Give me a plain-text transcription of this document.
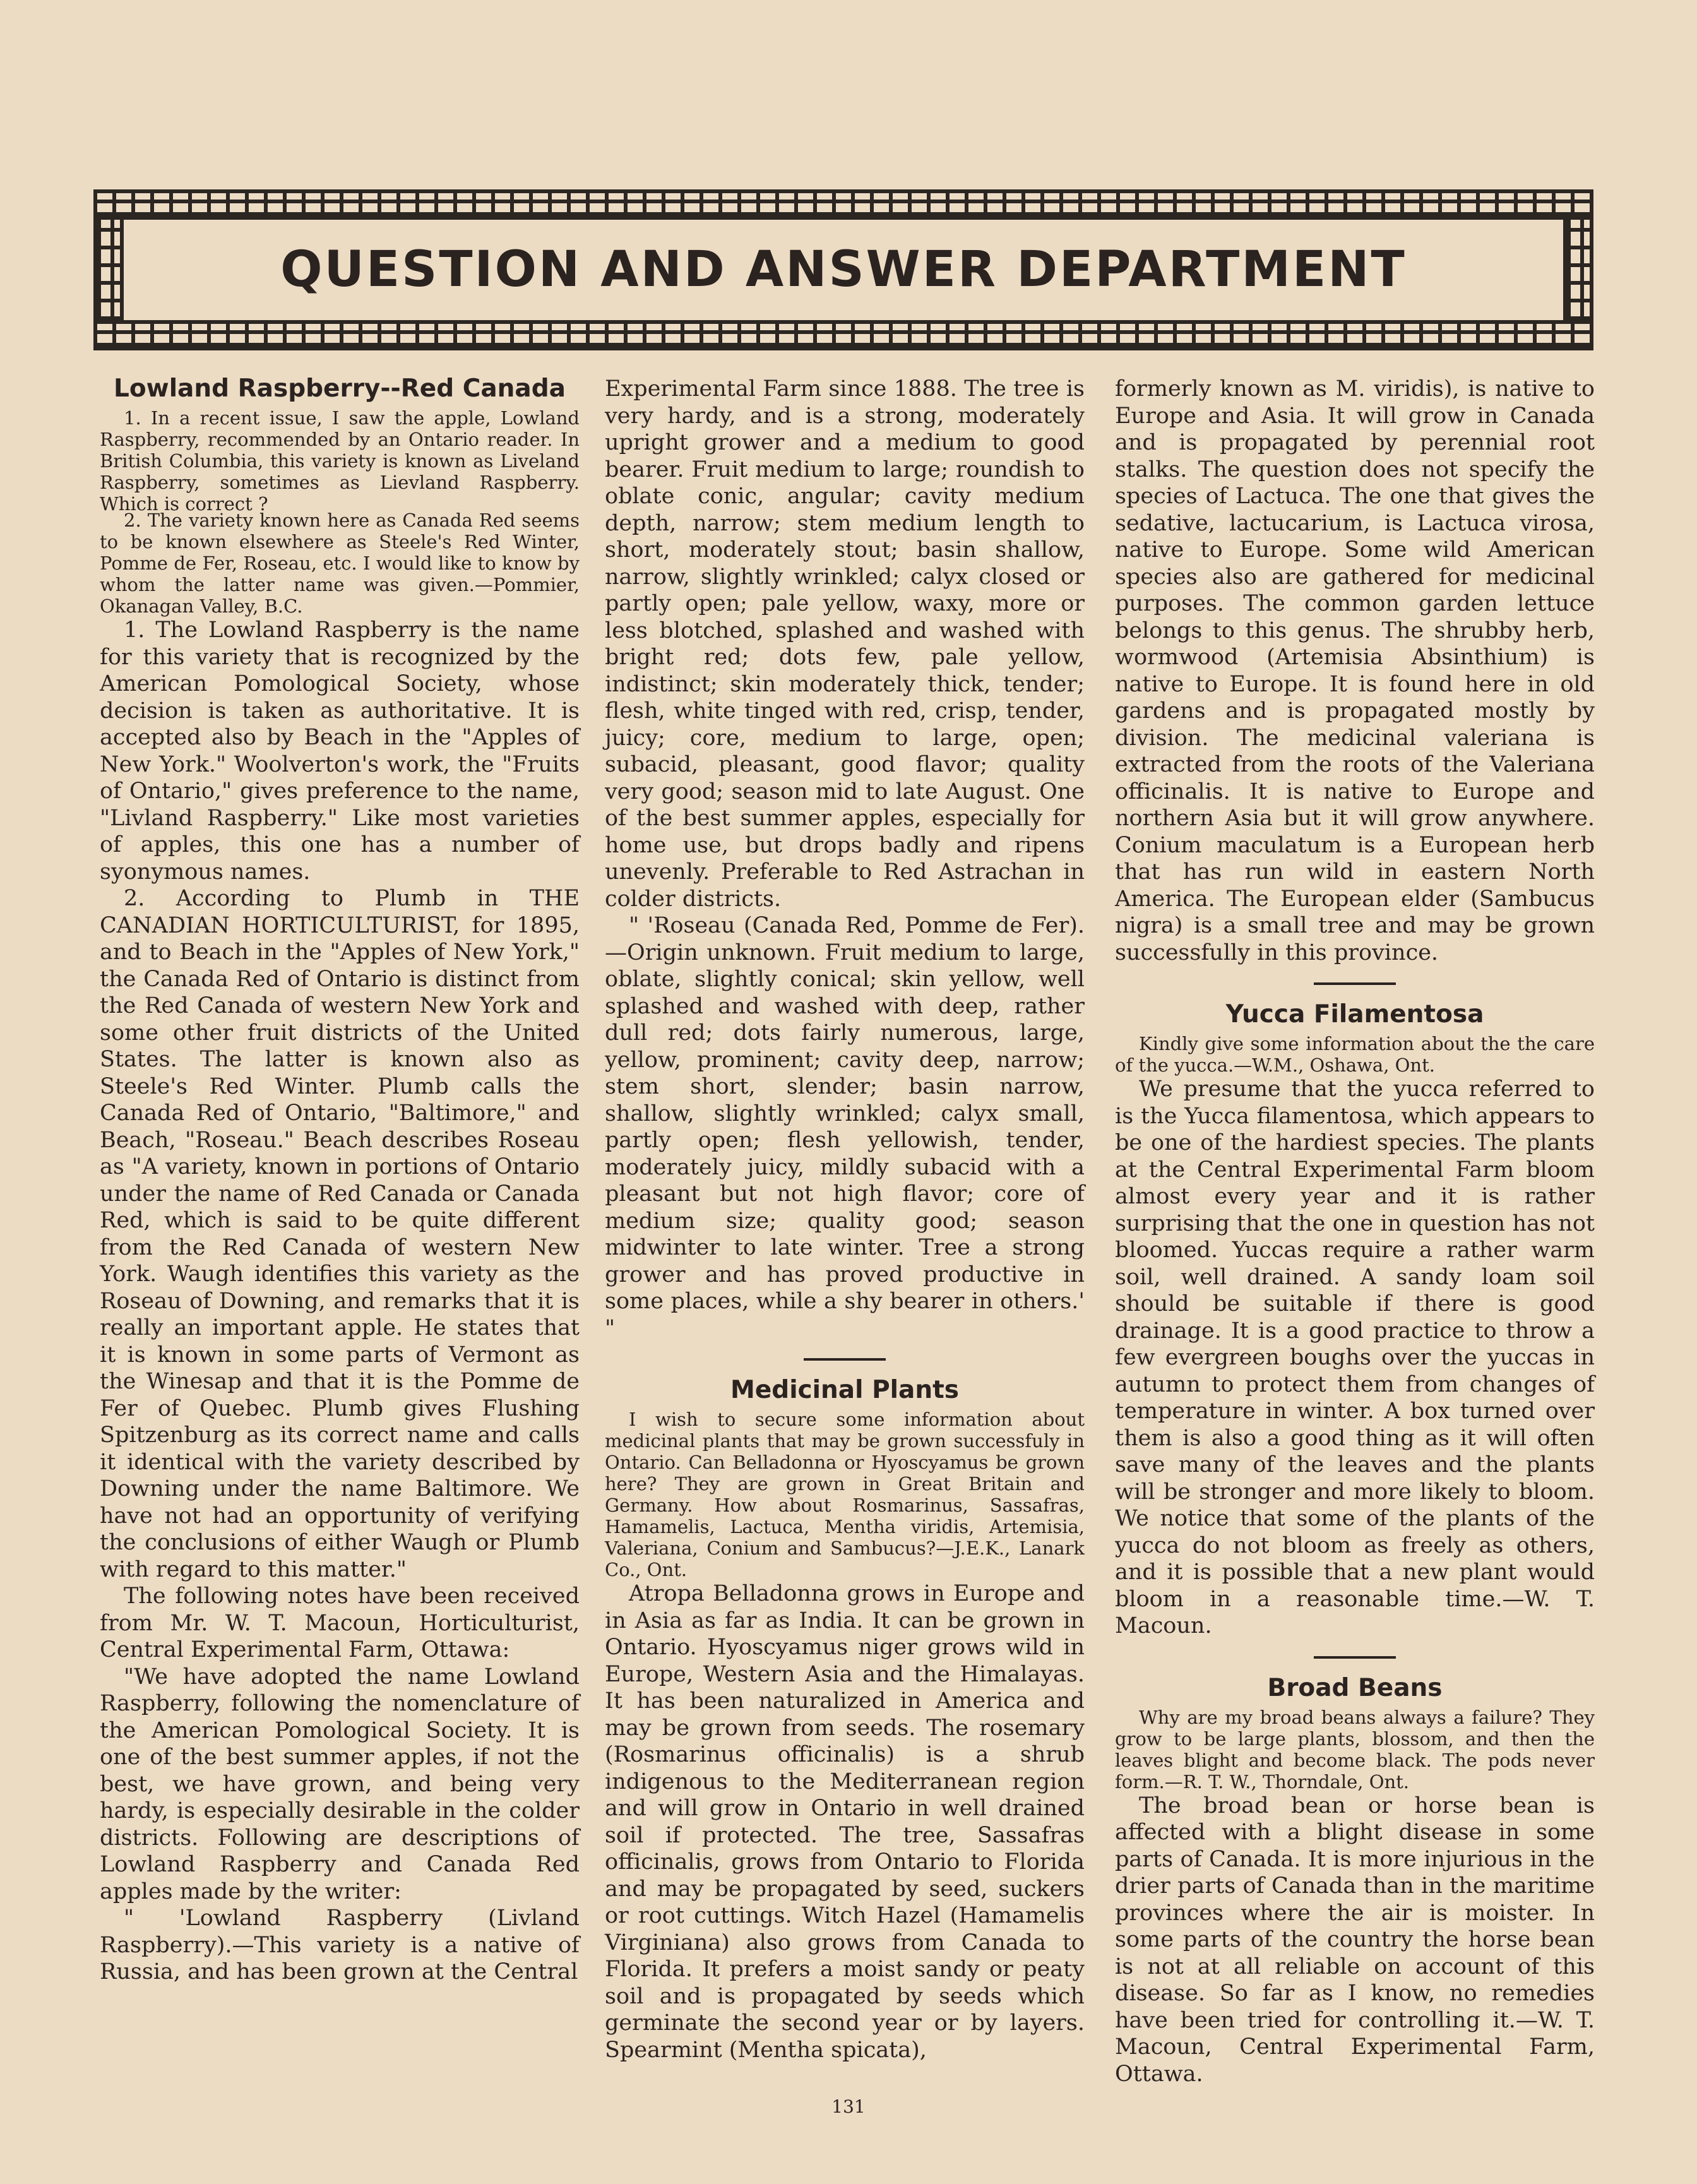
QUESTION AND ANSWER DEPARTMENT
Lowland Raspberry--Red Canada

1. In a recent issue, I saw the apple, Lowland Raspberry, recommended by an Ontario reader. In British Columbia, this variety is known as Liveland Raspberry, sometimes as Lievland Raspberry. Which is correct ?

2. The variety known here as Canada Red seems to be known elsewhere as Steele's Red Winter, Pomme de Fer, Roseau, etc. I would like to know by whom the latter name was given.—Pommier, Okanagan Valley, B.C.

1. The Lowland Raspberry is the name for this variety that is recognized by the American Pomological Society, whose decision is taken as authoritative. It is accepted also by Beach in the "Apples of New York." Woolverton's work, the "Fruits of Ontario," gives preference to the name, "Livland Raspberry." Like most varieties of apples, this one has a number of syonymous names.

2. According to Plumb in THE CANADIAN HORTICULTURIST, for 1895, and to Beach in the "Apples of New York," the Canada Red of Ontario is distinct from the Red Canada of western New York and some other fruit districts of the United States. The latter is known also as Steele's Red Winter. Plumb calls the Canada Red of Ontario, "Baltimore," and Beach, "Roseau." Beach describes Roseau as "A variety, known in portions of Ontario under the name of Red Canada or Canada Red, which is said to be quite different from the Red Canada of western New York. Waugh identifies this variety as the Roseau of Downing, and remarks that it is really an important apple. He states that it is known in some parts of Vermont as the Winesap and that it is the Pomme de Fer of Quebec. Plumb gives Flushing Spitzenburg as its correct name and calls it identical with the variety described by Downing under the name Baltimore. We have not had an opportunity of verifying the conclusions of either Waugh or Plumb with regard to this matter."

The following notes have been received from Mr. W. T. Macoun, Horticulturist, Central Experimental Farm, Ottawa:

"We have adopted the name Lowland Raspberry, following the nomenclature of the American Pomological Society. It is one of the best summer apples, if not the best, we have grown, and being very hardy, is especially desirable in the colder districts. Following are descriptions of Lowland Raspberry and Canada Red apples made by the writer:

" 'Lowland Raspberry (Livland Raspberry).—This variety is a native of Russia, and has been grown at the Central

Experimental Farm since 1888. The tree is very hardy, and is a strong, moderately upright grower and a medium to good bearer. Fruit medium to large; roundish to oblate conic, angular; cavity medium depth, narrow; stem medium length to short, moderately stout; basin shallow, narrow, slightly wrinkled; calyx closed or partly open; pale yellow, waxy, more or less blotched, splashed and washed with bright red; dots few, pale yellow, indistinct; skin moderately thick, tender; flesh, white tinged with red, crisp, tender, juicy; core, medium to large, open; subacid, pleasant, good flavor; quality very good; season mid to late August. One of the best summer apples, especially for home use, but drops badly and ripens unevenly. Preferable to Red Astrachan in colder districts.

" 'Roseau (Canada Red, Pomme de Fer).—Origin unknown. Fruit medium to large, oblate, slightly conical; skin yellow, well splashed and washed with deep, rather dull red; dots fairly numerous, large, yellow, prominent; cavity deep, narrow; stem short, slender; basin narrow, shallow, slightly wrinkled; calyx small, partly open; flesh yellowish, tender, moderately juicy, mildly subacid with a pleasant but not high flavor; core of medium size; quality good; season midwinter to late winter. Tree a strong grower and has proved productive in some places, while a shy bearer in others.' "

Medicinal Plants

I wish to secure some information about medicinal plants that may be grown successfuly in Ontario. Can Belladonna or Hyoscyamus be grown here? They are grown in Great Britain and Germany. How about Rosmarinus, Sassafras, Hamamelis, Lactuca, Mentha viridis, Artemisia, Valeriana, Conium and Sambucus?—J.E.K., Lanark Co., Ont.

Atropa Belladonna grows in Europe and in Asia as far as India. It can be grown in Ontario. Hyoscyamus niger grows wild in Europe, Western Asia and the Himalayas. It has been naturalized in America and may be grown from seeds. The rosemary (Rosmarinus officinalis) is a shrub indigenous to the Mediterranean region and will grow in Ontario in well drained soil if protected. The tree, Sassafras officinalis, grows from Ontario to Florida and may be propagated by seed, suckers or root cuttings. Witch Hazel (Hamamelis Virginiana) also grows from Canada to Florida. It prefers a moist sandy or peaty soil and is propagated by seeds which germinate the second year or by layers. Spearmint (Mentha spicata),

formerly known as M. viridis), is native to Europe and Asia. It will grow in Canada and is propagated by perennial root stalks. The question does not specify the species of Lactuca. The one that gives the sedative, lactucarium, is Lactuca virosa, native to Europe. Some wild American species also are gathered for medicinal purposes. The common garden lettuce belongs to this genus. The shrubby herb, wormwood (Artemisia Absinthium) is native to Europe. It is found here in old gardens and is propagated mostly by division. The medicinal valeriana is extracted from the roots of the Valeriana officinalis. It is native to Europe and northern Asia but it will grow anywhere. Conium maculatum is a European herb that has run wild in eastern North America. The European elder (Sambucus nigra) is a small tree and may be grown successfully in this province.

Yucca Filamentosa

Kindly give some information about the the care of the yucca.—W.M., Oshawa, Ont.

We presume that the yucca referred to is the Yucca filamentosa, which appears to be one of the hardiest species. The plants at the Central Experimental Farm bloom almost every year and it is rather surprising that the one in question has not bloomed. Yuccas require a rather warm soil, well drained. A sandy loam soil should be suitable if there is good drainage. It is a good practice to throw a few evergreen boughs over the yuccas in autumn to protect them from changes of temperature in winter. A box turned over them is also a good thing as it will often save many of the leaves and the plants will be stronger and more likely to bloom. We notice that some of the plants of the yucca do not bloom as freely as others, and it is possible that a new plant would bloom in a reasonable time.—W. T. Macoun.

Broad Beans

Why are my broad beans always a failure? They grow to be large plants, blossom, and then the leaves blight and become black. The pods never form.—R. T. W., Thorndale, Ont.

The broad bean or horse bean is affected with a blight disease in some parts of Canada. It is more injurious in the drier parts of Canada than in the maritime provinces where the air is moister. In some parts of the country the horse bean is not at all reliable on account of this disease. So far as I know, no remedies have been tried for controlling it.—W. T. Macoun, Central Experimental Farm, Ottawa.

131
